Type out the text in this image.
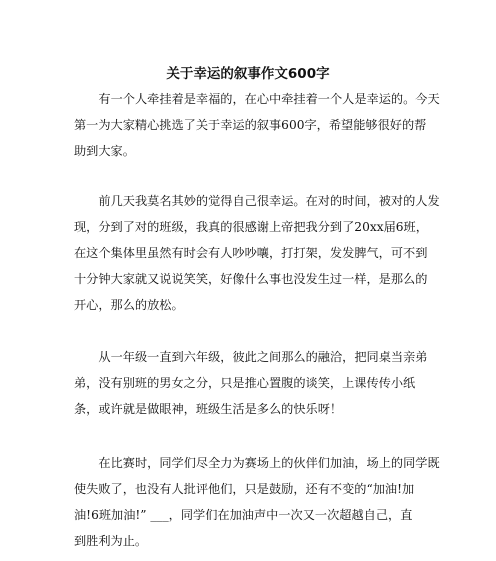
关于幸运的叙事作文600字

有一个人牵挂着是幸福的，在心中牵挂着一个人是幸运的。今天
第一为大家精心挑选了关于幸运的叙事600字，希望能够很好的帮
助到大家。

前几天我莫名其妙的觉得自己很幸运。在对的时间，被对的人发
现，分到了对的班级，我真的很感谢上帝把我分到了20xx届6班，
在这个集体里虽然有时会有人吵吵嚷，打打架，发发脾气，可不到
十分钟大家就又说说笑笑，好像什么事也没发生过一样，是那么的
开心，那么的放松。

从一年级一直到六年级，彼此之间那么的融洽，把同桌当亲弟
弟，没有别班的男女之分，只是推心置腹的谈笑，上课传传小纸
条，或许就是做眼神，班级生活是多么的快乐呀！

在比赛时，同学们尽全力为赛场上的伙伴们加油，场上的同学既
使失败了，也没有人批评他们，只是鼓励，还有不变的“加油!加
油!6班加油!” ___，同学们在加油声中一次又一次超越自己，直
到胜利为止。
